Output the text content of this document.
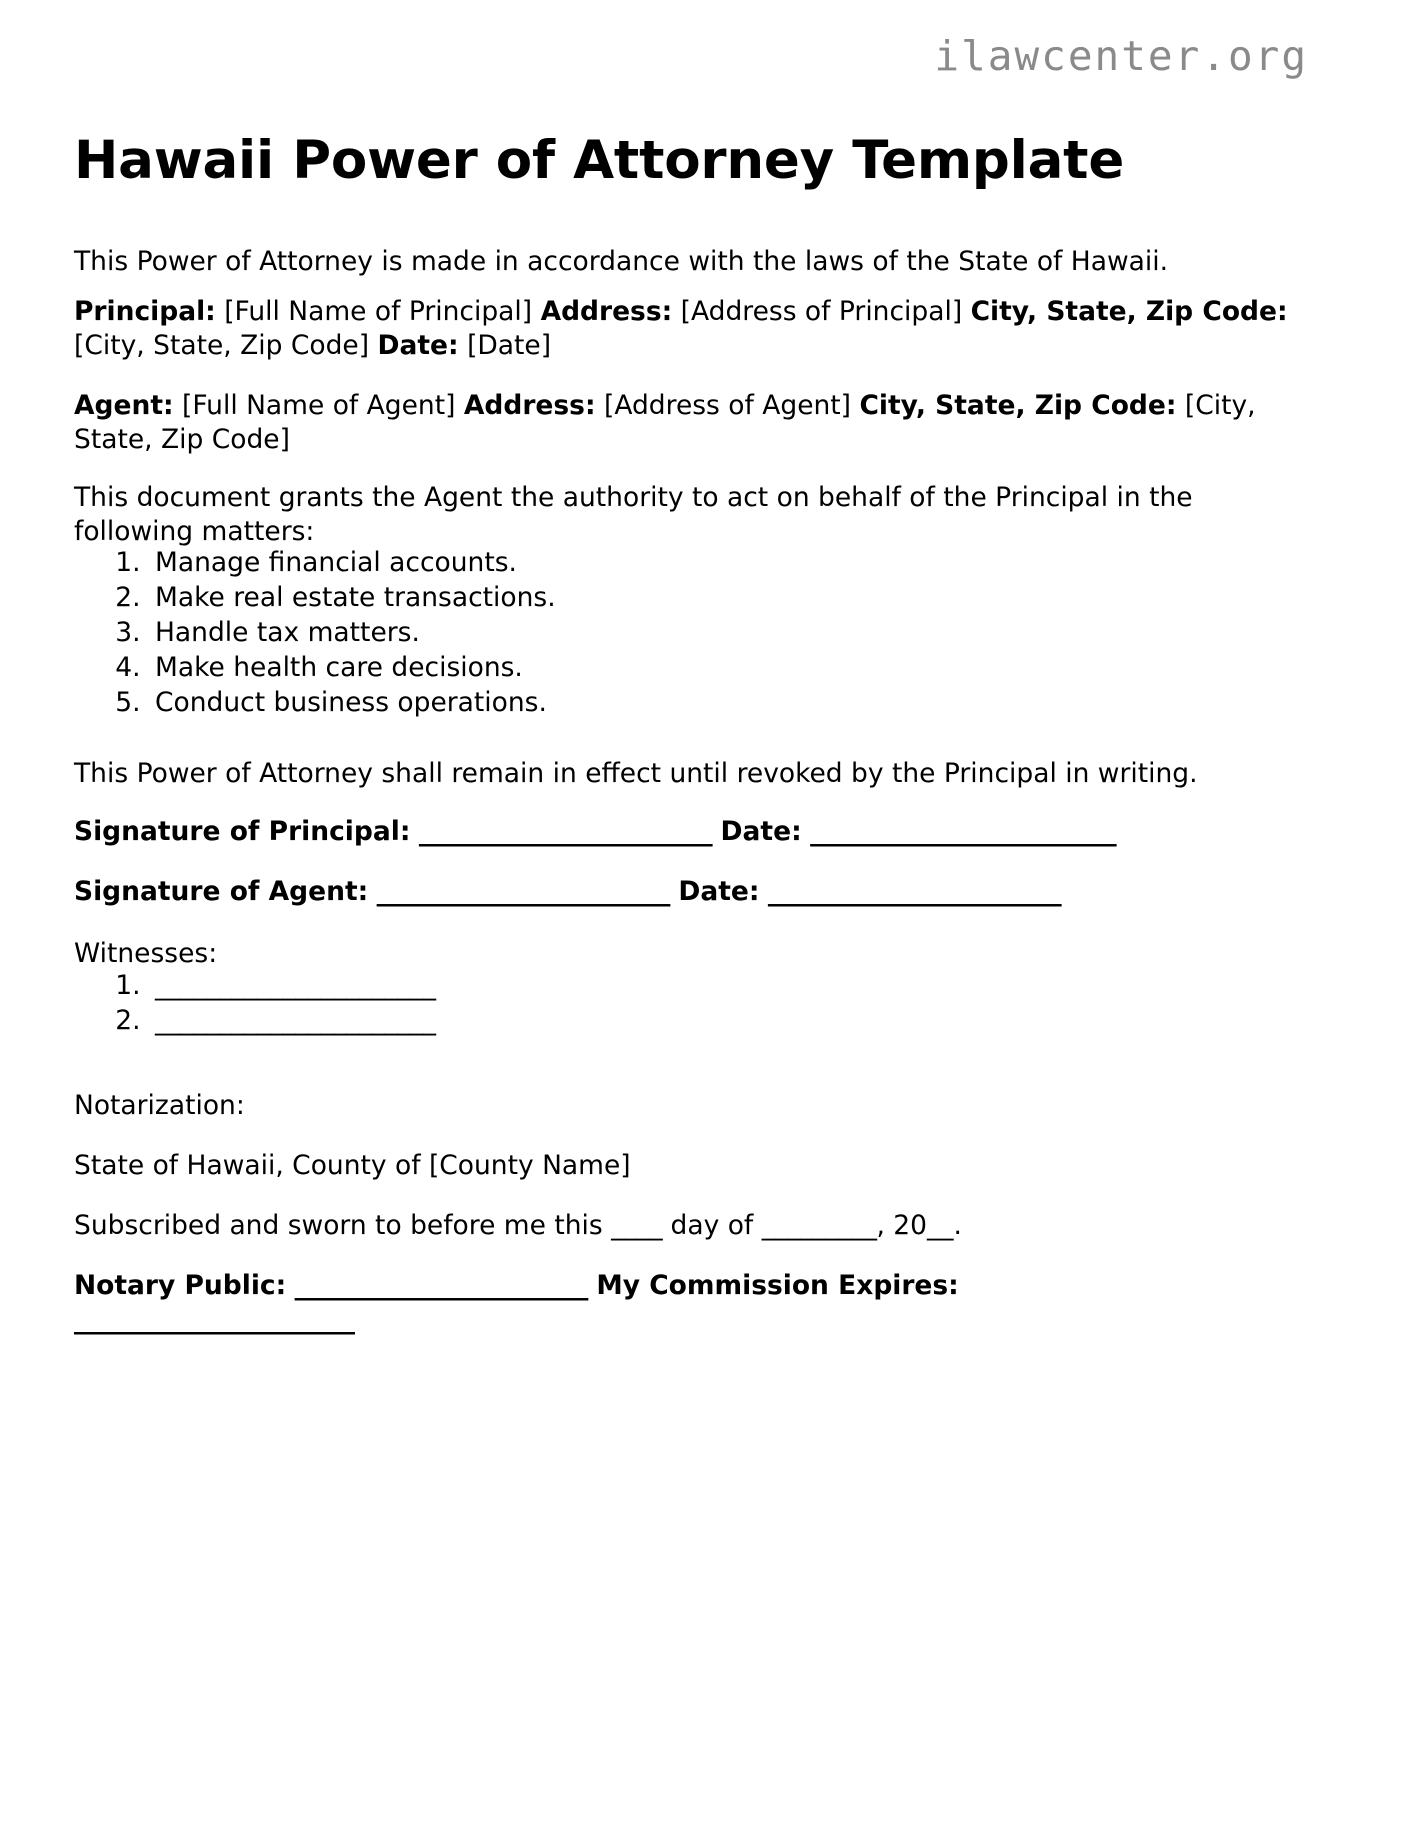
ilawcenter.org
Hawaii Power of Attorney Template

This Power of Attorney is made in accordance with the laws of the State of Hawaii.

Principal: [Full Name of Principal] Address: [Address of Principal] City, State, Zip Code: [City, State, Zip Code] Date: [Date]

Agent: [Full Name of Agent] Address: [Address of Agent] City, State, Zip Code: [City, State, Zip Code]

This document grants the Agent the authority to act on behalf of the Principal in the following matters:

1. Manage financial accounts.
2. Make real estate transactions.
3. Handle tax matters.
4. Make health care decisions.
5. Conduct business operations.

This Power of Attorney shall remain in effect until revoked by the Principal in writing.

Signature of Principal: _______________________ Date: ________________________

Signature of Agent: _______________________ Date: _______________________

Witnesses:

1. ______________________
2. ______________________

Notarization:

State of Hawaii, County of [County Name]

Subscribed and sworn to before me this ____ day of _________, 20__.

Notary Public: _______________________ My Commission Expires: ______________________
